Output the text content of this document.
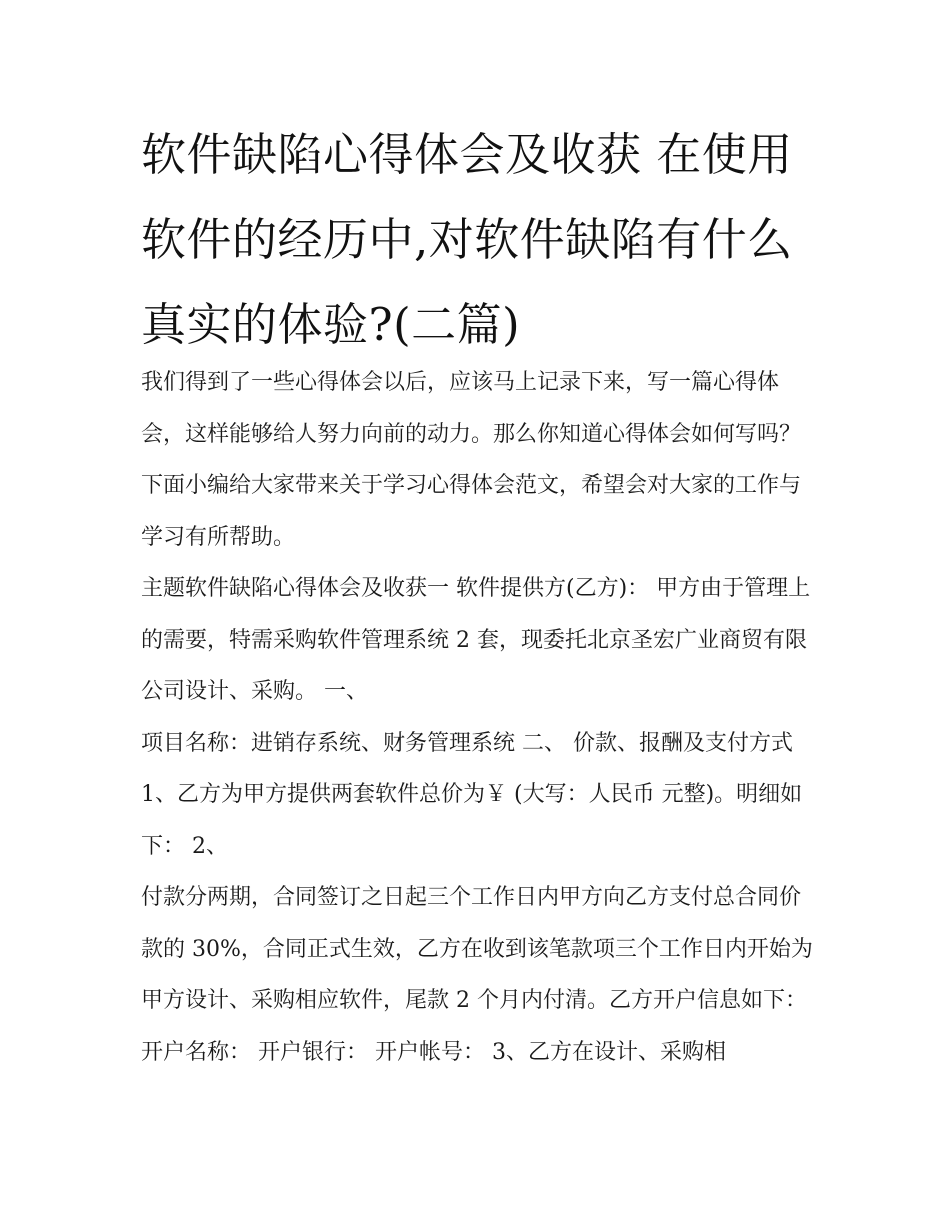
软件缺陷心得体会及收获 在使用软件的经历中,对软件缺陷有什么真实的体验?(二篇)

我们得到了一些心得体会以后，应该马上记录下来，写一篇心得体会，这样能够给人努力向前的动力。那么你知道心得体会如何写吗？下面小编给大家带来关于学习心得体会范文，希望会对大家的工作与学习有所帮助。

主题软件缺陷心得体会及收获一 软件提供方(乙方)： 甲方由于管理上的需要，特需采购软件管理系统 2 套，现委托北京圣宏广业商贸有限公司设计、采购。 一、

项目名称：进销存系统、财务管理系统 二、 价款、报酬及支付方式 1、乙方为甲方提供两套软件总价为￥ (大写：人民币 元整)。明细如下： 2、

付款分两期，合同签订之日起三个工作日内甲方向乙方支付总合同价款的 30%，合同正式生效，乙方在收到该笔款项三个工作日内开始为甲方设计、采购相应软件，尾款 2 个月内付清。乙方开户信息如下：

开户名称： 开户银行： 开户帐号： 3、乙方在设计、采购相
